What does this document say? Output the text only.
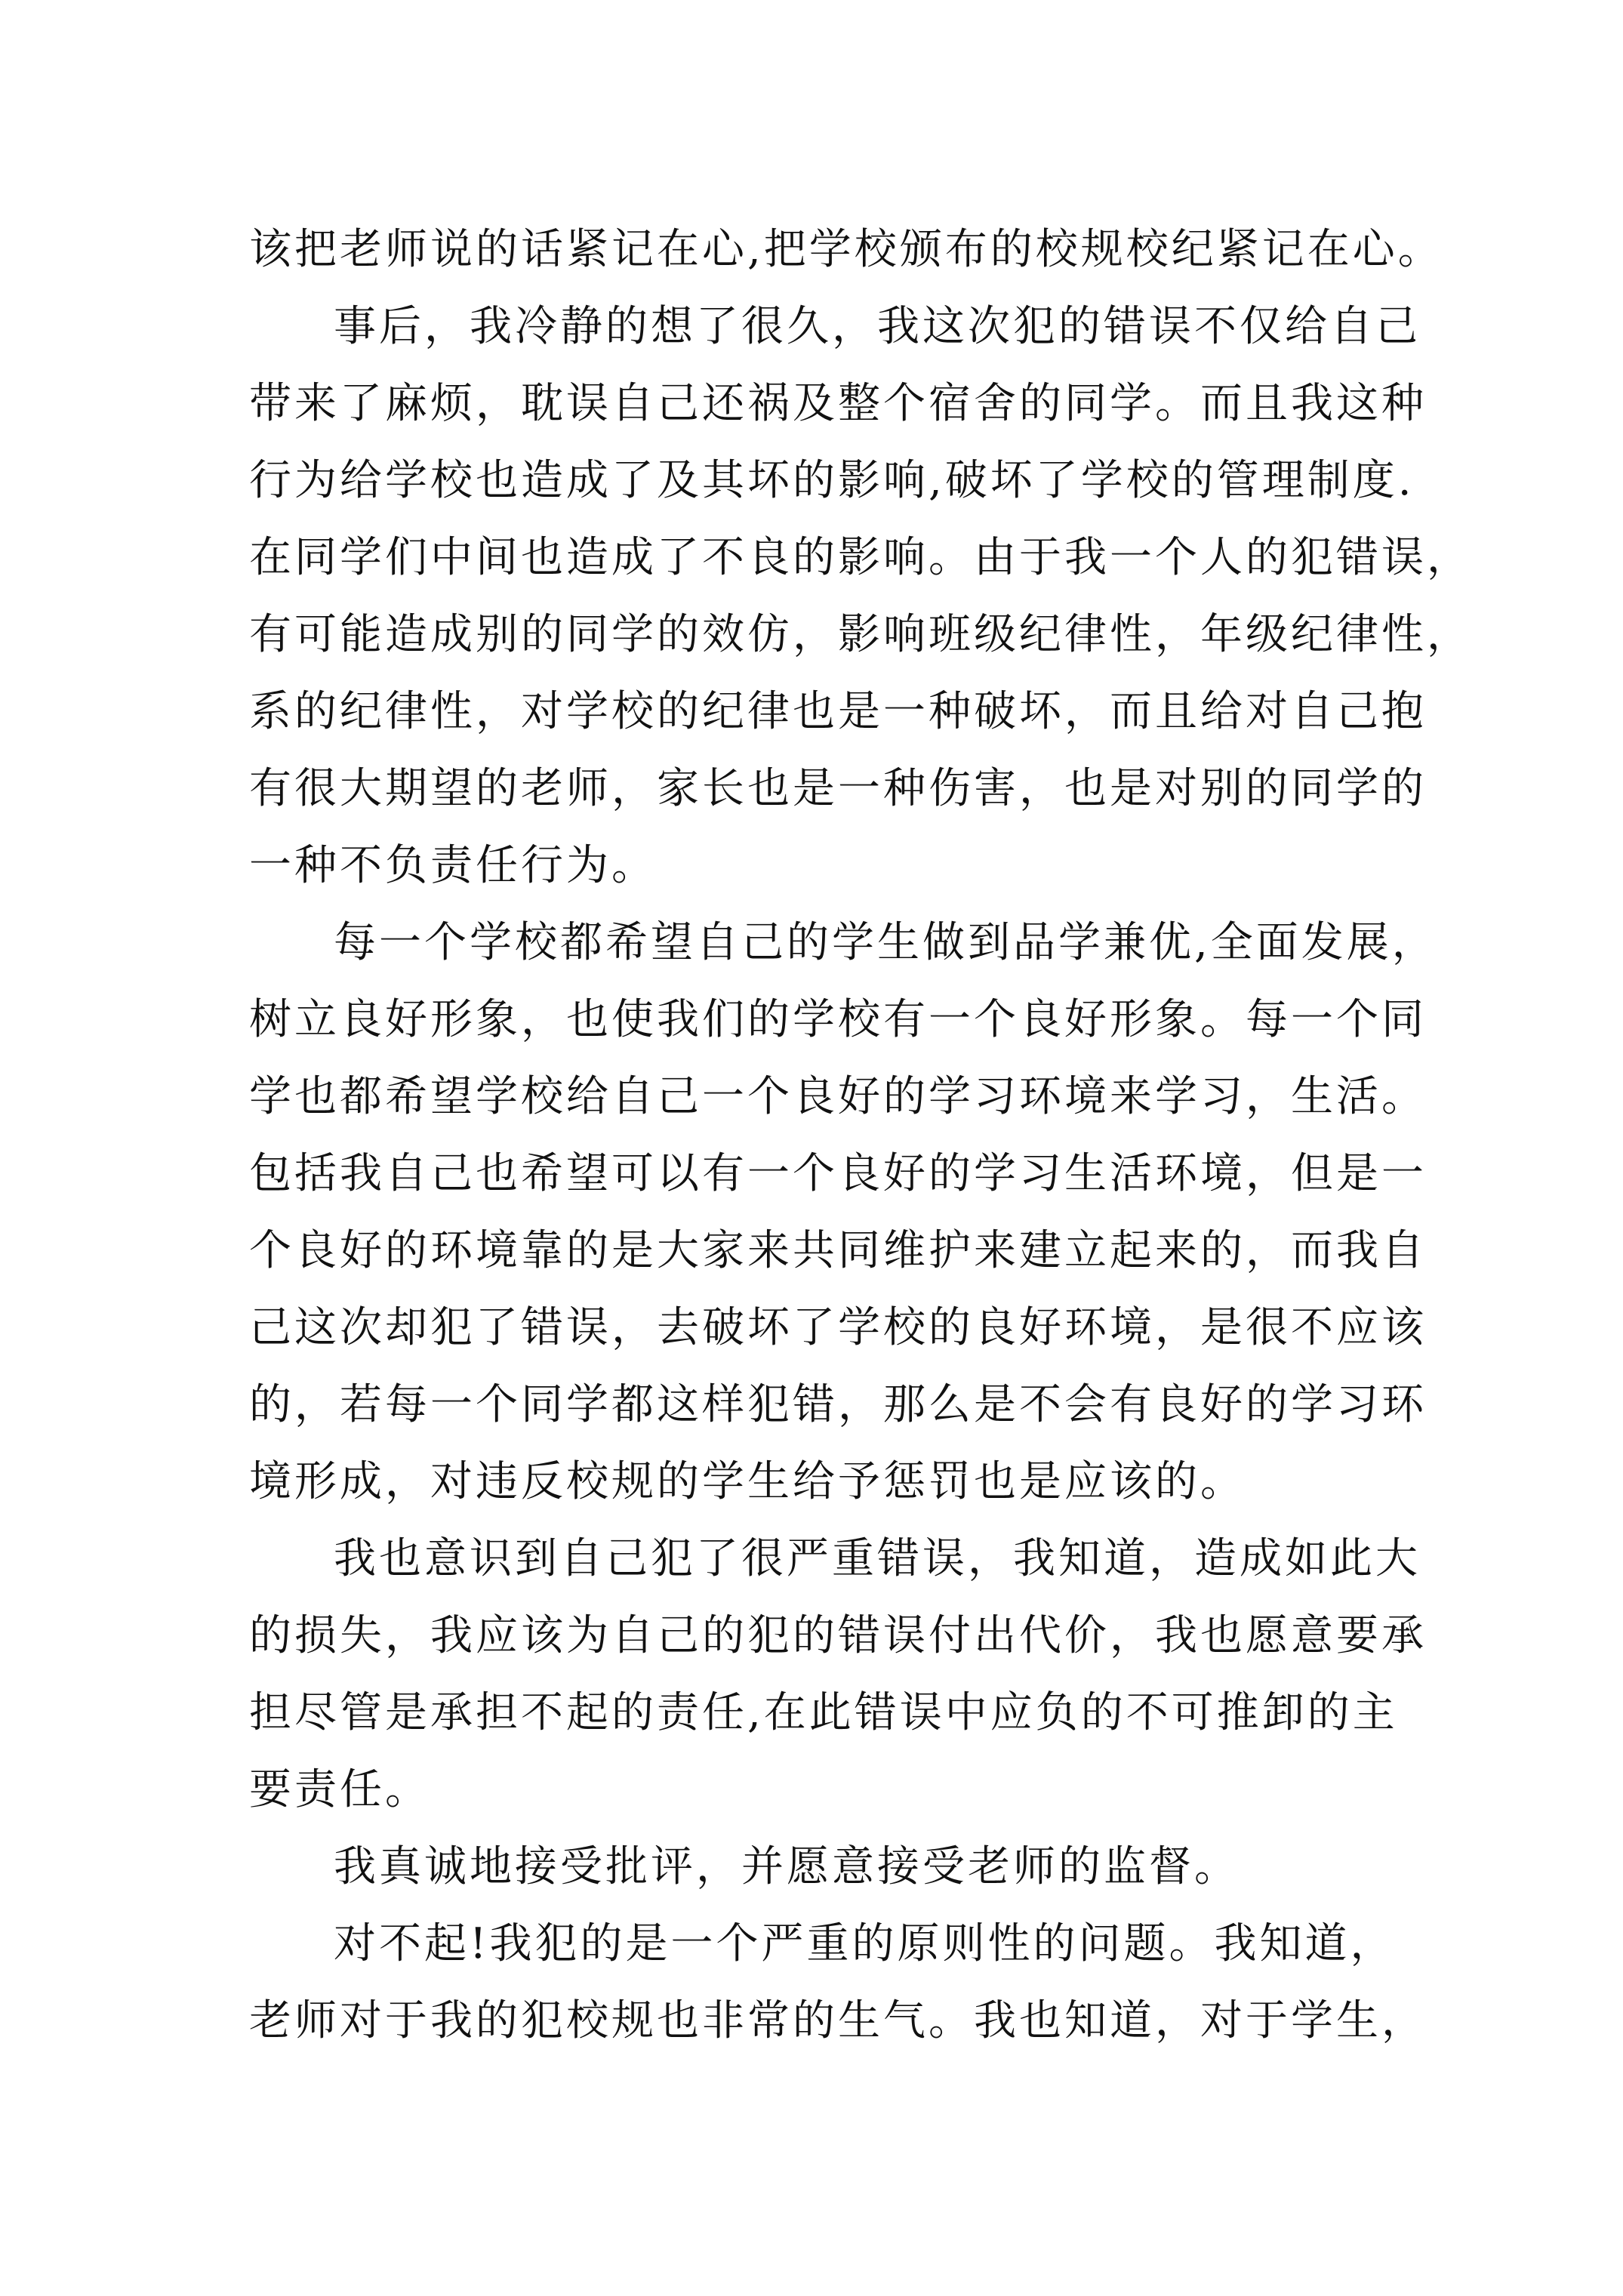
该把老师说的话紧记在心,把学校颁布的校规校纪紧记在心。
事后，我冷静的想了很久，我这次犯的错误不仅给自己
带来了麻烦，耽误自己还祸及整个宿舍的同学。而且我这种
行为给学校也造成了及其坏的影响,破坏了学校的管理制度.
在同学们中间也造成了不良的影响。由于我一个人的犯错误，
有可能造成别的同学的效仿，影响班级纪律性，年级纪律性，
系的纪律性，对学校的纪律也是一种破坏，而且给对自己抱
有很大期望的老师，家长也是一种伤害，也是对别的同学的
一种不负责任行为。
每一个学校都希望自己的学生做到品学兼优,全面发展，
树立良好形象，也使我们的学校有一个良好形象。每一个同
学也都希望学校给自己一个良好的学习环境来学习，生活。
包括我自己也希望可以有一个良好的学习生活环境，但是一
个良好的环境靠的是大家来共同维护来建立起来的，而我自
己这次却犯了错误，去破坏了学校的良好环境，是很不应该
的，若每一个同学都这样犯错，那么是不会有良好的学习环
境形成，对违反校规的学生给予惩罚也是应该的。
我也意识到自己犯了很严重错误，我知道，造成如此大
的损失，我应该为自己的犯的错误付出代价，我也愿意要承
担尽管是承担不起的责任,在此错误中应负的不可推卸的主
要责任。
我真诚地接受批评，并愿意接受老师的监督。
对不起!我犯的是一个严重的原则性的问题。我知道，
老师对于我的犯校规也非常的生气。我也知道，对于学生，
